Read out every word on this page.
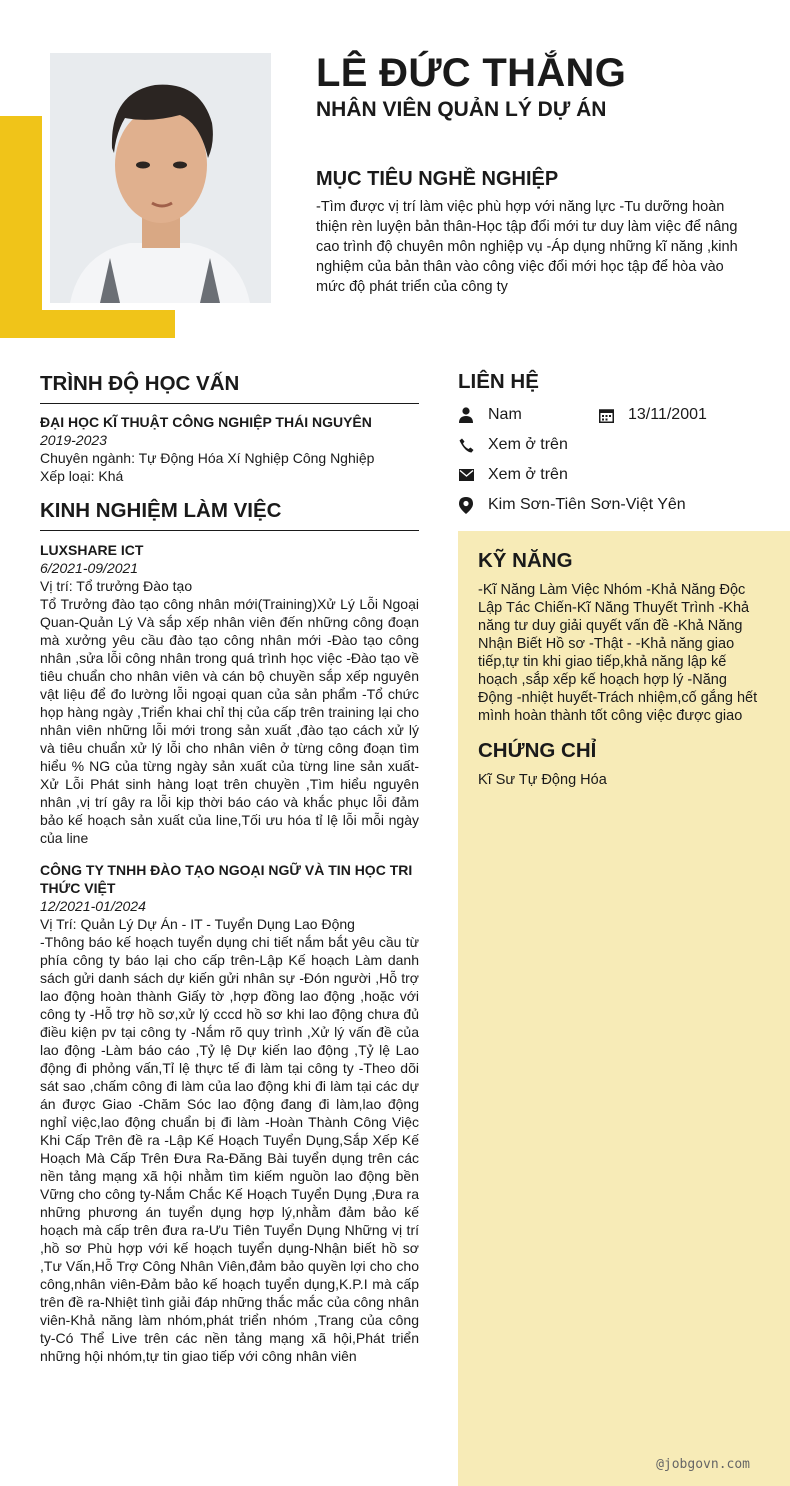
LÊ ĐỨC THẮNG
NHÂN VIÊN QUẢN LÝ DỰ ÁN
MỤC TIÊU NGHỀ NGHIỆP

-Tìm được vị trí làm việc phù hợp với năng lực -Tu dưỡng hoàn thiện rèn luyện bản thân-Học tập đổi mới tư duy làm việc để nâng cao trình độ chuyên môn nghiệp vụ -Áp dụng những kĩ năng ,kinh nghiệm của bản thân vào công việc đổi mới học tập để hòa vào mức độ phát triển của công ty

TRÌNH ĐỘ HỌC VẤN
ĐẠI HỌC KĨ THUẬT CÔNG NGHIỆP THÁI NGUYÊN
2019-2023
Chuyên ngành: Tự Động Hóa Xí Nghiệp Công Nghiệp
Xếp loại: Khá
KINH NGHIỆM LÀM VIỆC
LUXSHARE ICT
6/2021-09/2021
Vị trí: Tổ trưởng Đào tạo
Tổ Trưởng đào tạo công nhân mới(Training)Xử Lý Lỗi Ngoại Quan-Quản Lý Và sắp xếp nhân viên đến những công đoạn mà xưởng yêu cầu đào tạo công nhân mới -Đào tạo công nhân ,sửa lỗi công nhân trong quá trình học việc -Đào tạo về tiêu chuẩn cho nhân viên và cán bộ chuyền sắp xếp nguyên vật liệu để đo lường lỗi ngoại quan của sản phẩm -Tổ chức họp hàng ngày ,Triển khai chỉ thị của cấp trên training lại cho nhân viên những lỗi mới trong sản xuất ,đào tạo cách xử lý và tiêu chuẩn xử lý lỗi cho nhân viên ở từng công đoạn tìm hiểu % NG của từng ngày sản xuất của từng line sản xuất-Xử Lỗi Phát sinh hàng loạt trên chuyền ,Tìm hiểu nguyên nhân ,vị trí gây ra lỗi kịp thời báo cáo và khắc phục lỗi đảm bảo kế hoạch sản xuất của line,Tối ưu hóa tỉ lệ lỗi mỗi ngày của line
CÔNG TY TNHH ĐÀO TẠO NGOẠI NGỮ VÀ TIN HỌC TRI THỨC VIỆT
12/2021-01/2024
Vị Trí: Quản Lý Dự Án - IT - Tuyển Dụng Lao Động
-Thông báo kế hoạch tuyển dụng chi tiết nắm bắt yêu cầu từ phía công ty báo lại cho cấp trên-Lập Kế hoạch Làm danh sách gửi danh sách dự kiến gửi nhân sự -Đón người ,Hỗ trợ lao động hoàn thành Giấy tờ ,hợp đồng lao động ,hoặc với công ty -Hỗ trợ hồ sơ,xử lý cccd hồ sơ khi lao động chưa đủ điều kiện pv tại công ty -Nắm rõ quy trình ,Xử lý vấn đề của lao động -Làm báo cáo ,Tỷ lệ Dự kiến lao động ,Tỷ lệ Lao động đi phỏng vấn,Tỉ lệ thực tế đi làm tại công ty -Theo dõi sát sao ,chấm công đi làm của lao động khi đi làm tại các dự án được Giao -Chăm Sóc lao động đang đi làm,lao động nghỉ việc,lao động chuẩn bị đi làm -Hoàn Thành Công Việc Khi Cấp Trên đề ra -Lập Kế Hoạch Tuyển Dụng,Sắp Xếp Kế Hoạch Mà Cấp Trên Đưa Ra-Đăng Bài tuyển dụng trên các nền tảng mạng xã hội nhằm tìm kiếm nguồn lao động bền Vững cho công ty-Nắm Chắc Kế Hoạch Tuyển Dụng ,Đưa ra những phương án tuyển dụng hợp lý,nhằm đảm bảo kế hoạch mà cấp trên đưa ra-Ưu Tiên Tuyển Dụng Những vị trí ,hồ sơ Phù hợp với kế hoạch tuyển dụng-Nhận biết hồ sơ ,Tư Vấn,Hỗ Trợ Công Nhân Viên,đảm bảo quyền lợi cho cho công,nhân viên-Đảm bảo kế hoạch tuyển dụng,K.P.I mà cấp trên đề ra-Nhiệt tình giải đáp những thắc mắc của công nhân viên-Khả năng làm nhóm,phát triển nhóm ,Trang của công ty-Có Thể Live trên các nền tảng mạng xã hội,Phát triển những hội nhóm,tự tin giao tiếp với công nhân viên
LIÊN HỆ
Nam	13/11/2001
Xem ở trên
Xem ở trên
Kim Sơn-Tiên Sơn-Việt Yên
KỸ NĂNG

-Kĩ Năng Làm Việc Nhóm -Khả Năng Độc Lập Tác Chiến-Kĩ Năng Thuyết Trình -Khả năng tư duy giải quyết vấn đề -Khả Năng Nhận Biết Hồ sơ -Thật - -Khả năng giao tiếp,tự tin khi giao tiếp,khả năng lập kế hoạch ,sắp xếp kế hoạch hợp lý -Năng Động -nhiệt huyết-Trách nhiệm,cố gắng hết mình hoàn thành tốt công việc được giao

CHỨNG CHỈ

Kĩ Sư Tự Động Hóa

@jobgovn.com
